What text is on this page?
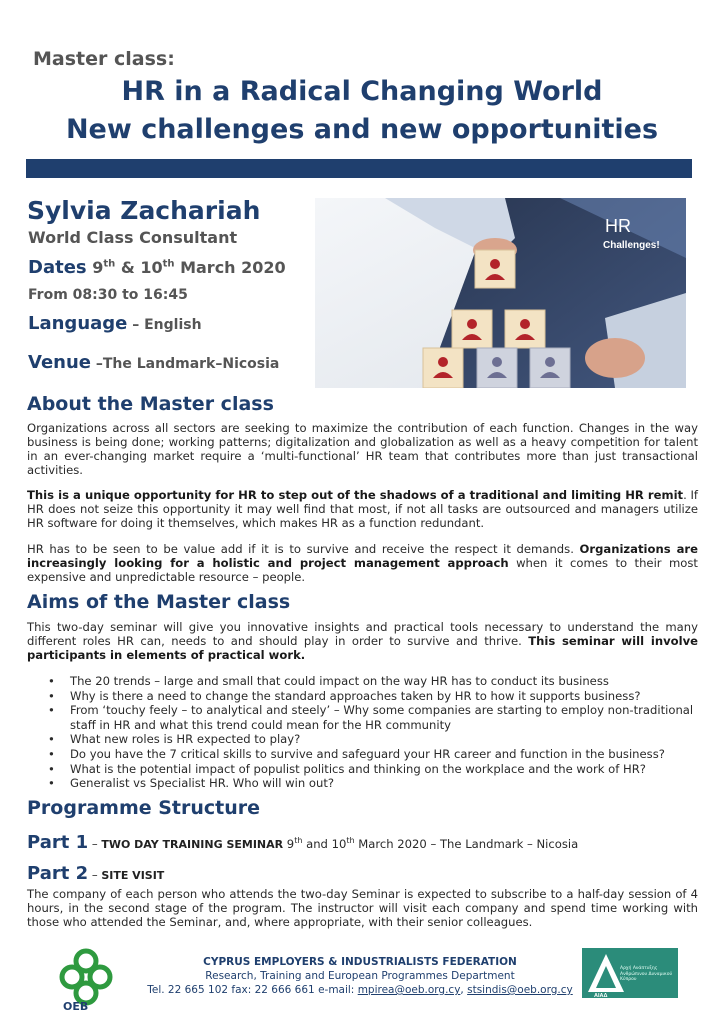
Master class:
HR in a Radical Changing World
New challenges and new opportunities
Sylvia Zachariah
World Class Consultant
Dates 9th & 10th March 2020
From 08:30 to 16:45
Language – English
Venue –The Landmark–Nicosia
HR
Challenges!
About the Master class

Organizations across all sectors are seeking to maximize the contribution of each function. Changes in the way business is being done; working patterns; digitalization and globalization as well as a heavy competition for talent in an ever-changing market require a ‘multi-functional’ HR team that contributes more than just transactional activities.

This is a unique opportunity for HR to step out of the shadows of a traditional and limiting HR remit. If HR does not seize this opportunity it may well find that most, if not all tasks are outsourced and managers utilize HR software for doing it themselves, which makes HR as a function redundant.

HR has to be seen to be value add if it is to survive and receive the respect it demands. Organizations are increasingly looking for a holistic and project management approach when it comes to their most expensive and unpredictable resource – people.

Aims of the Master class

This two-day seminar will give you innovative insights and practical tools necessary to understand the many different roles HR can, needs to and should play in order to survive and thrive. This seminar will involve participants in elements of practical work.

• The 20 trends – large and small that could impact on the way HR has to conduct its business
• Why is there a need to change the standard approaches taken by HR to how it supports business?
• From ‘touchy feely – to analytical and steely’ – Why some companies are starting to employ non-traditional staff in HR and what this trend could mean for the HR community
• What new roles is HR expected to play?
• Do you have the 7 critical skills to survive and safeguard your HR career and function in the business?
• What is the potential impact of populist politics and thinking on the workplace and the work of HR?
• Generalist vs Specialist HR. Who will win out?
Programme Structure
Part 1 – TWO DAY TRAINING SEMINAR 9th and 10th March 2020 – The Landmark – Nicosia
Part 2 – SITE VISIT

The company of each person who attends the two-day Seminar is expected to subscribe to a half-day session of 4 hours, in the second stage of the program. The instructor will visit each company and spend time working with those who attended the Seminar, and, where appropriate, with their senior colleagues.

OEB
CYPRUS EMPLOYERS & INDUSTRIALISTS FEDERATION
Research, Training and European Programmes Department
Tel. 22 665 102 fax: 22 666 661 e-mail: mpirea@oeb.org.cy, stsindis@oeb.org.cy	ΑΙΑΔ
Αρχή Ανάπτυξης Ανθρώπινου Δυναμικού Κύπρου
